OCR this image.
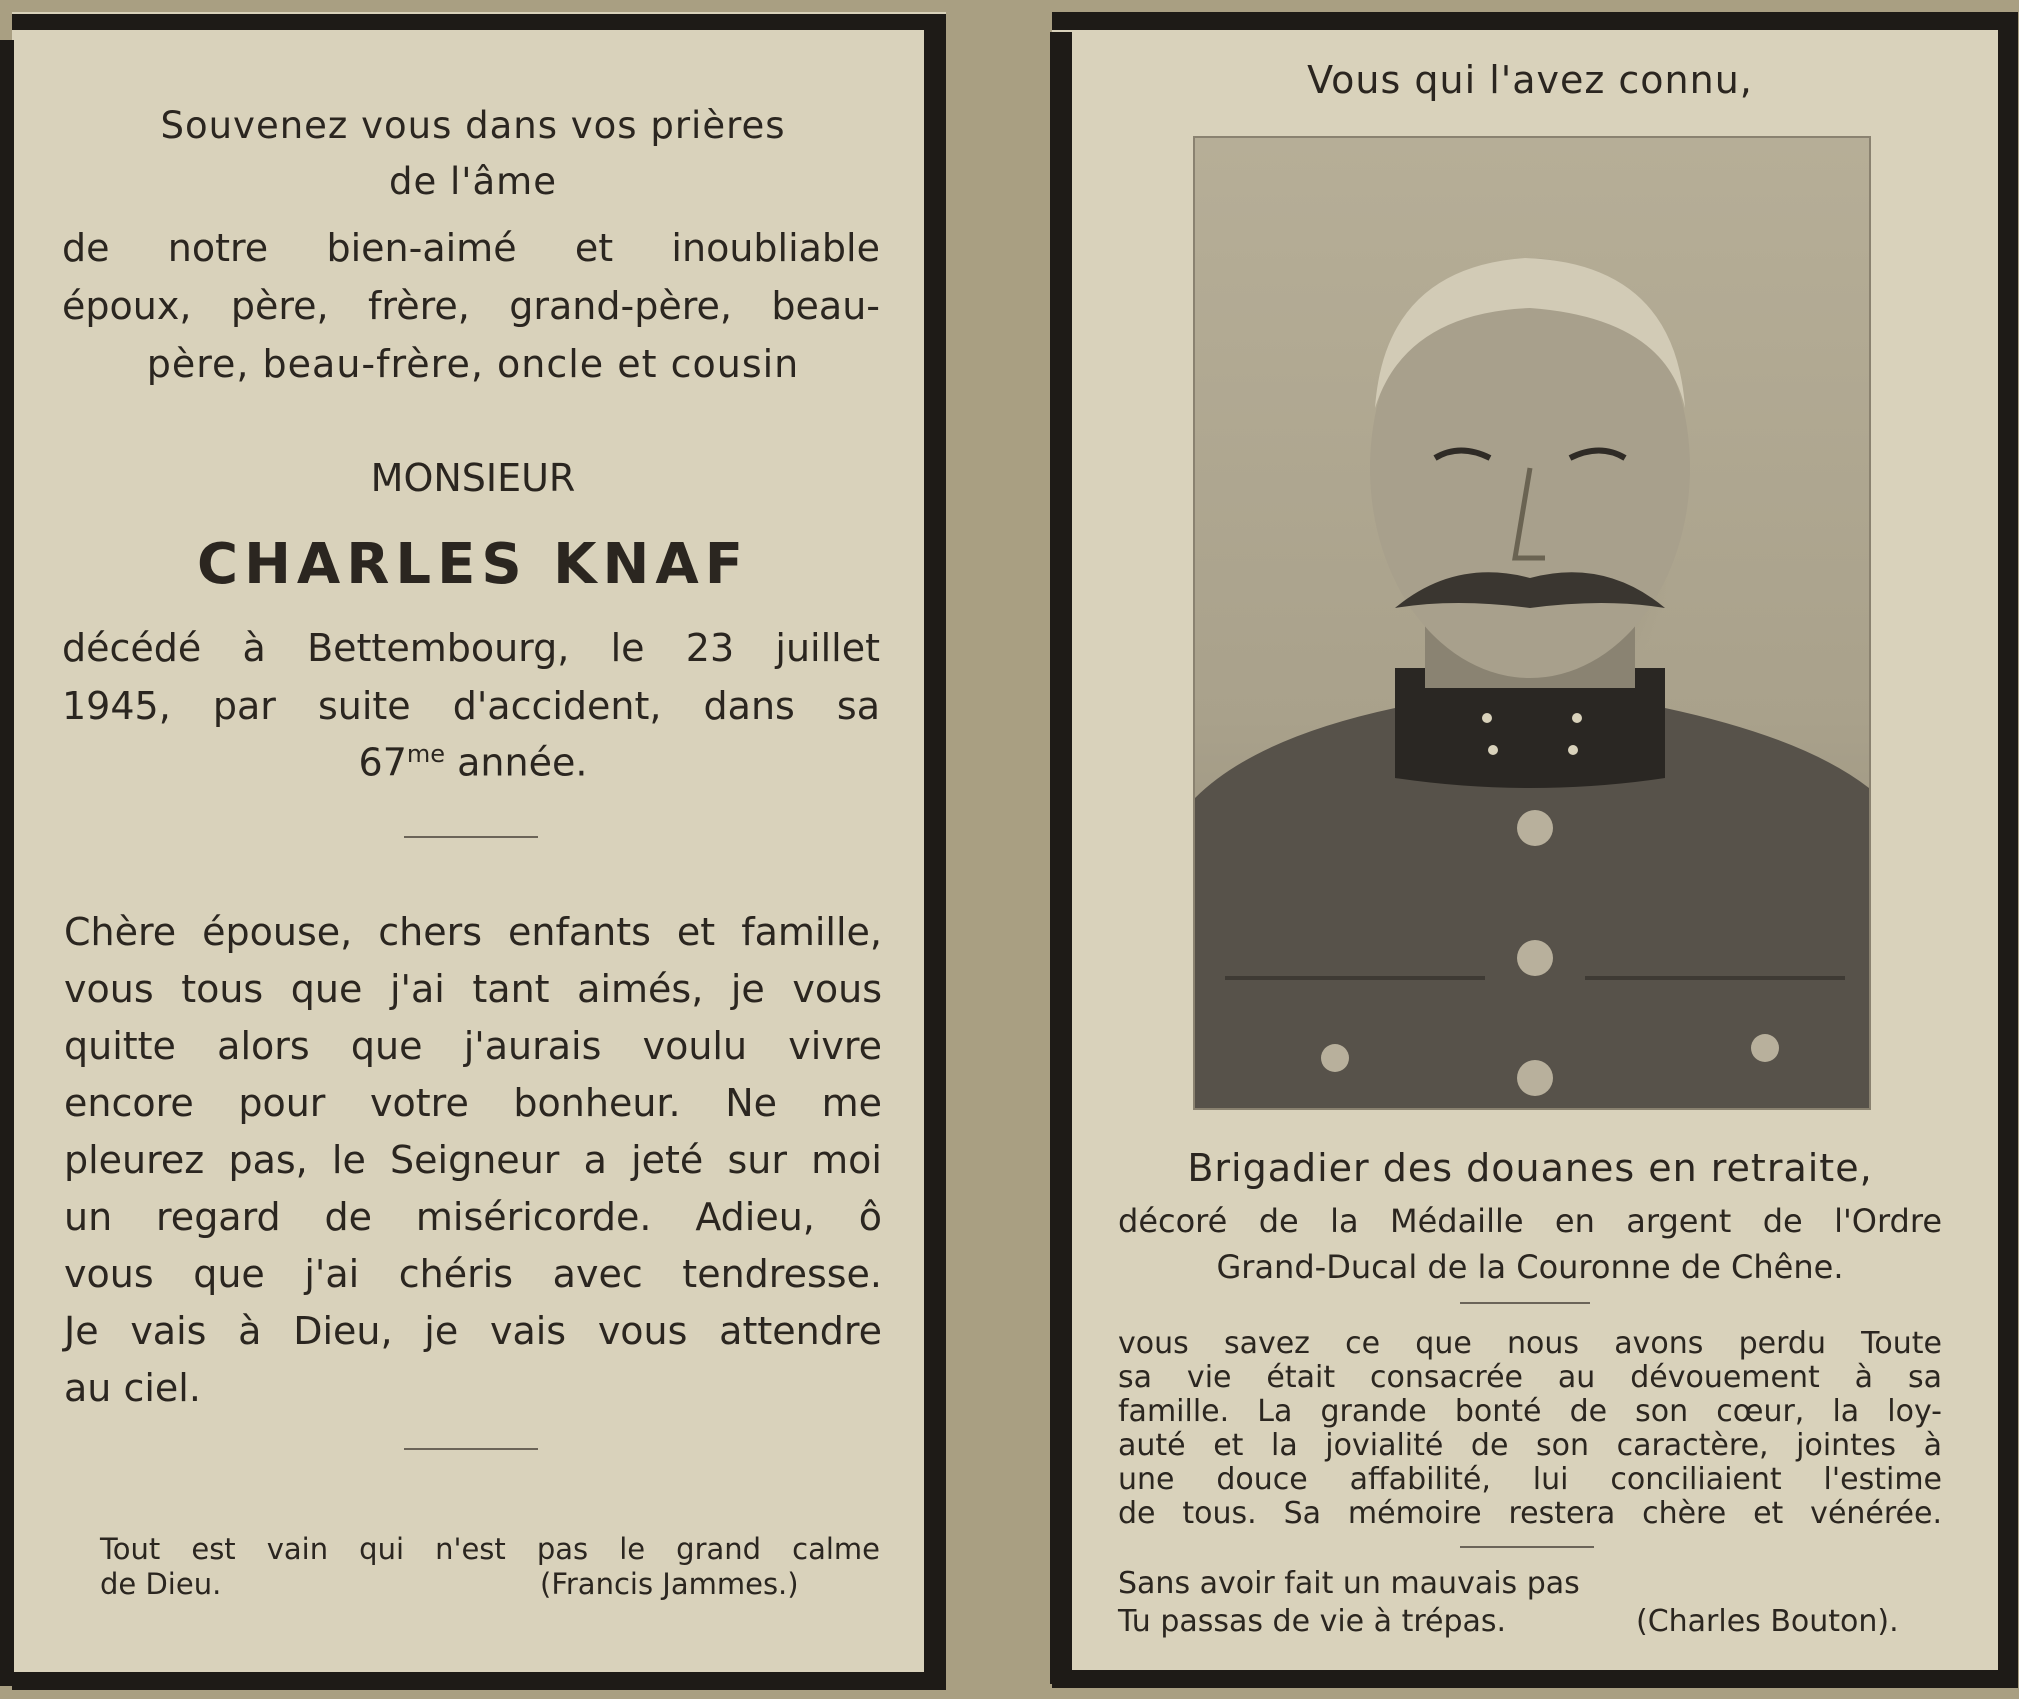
Souvenez vous dans vos prières
de l'âme
de notre bien-aimé et inoubliable
époux, père, frère, grand-père, beau-
père, beau-frère, oncle et cousin
MONSIEUR
CHARLES KNAF
décédé à Bettembourg, le 23 juillet
1945, par suite d'accident, dans sa
$67^{me}$ année.
Chère épouse, chers enfants et famille,
vous tous que j'ai tant aimés, je vous
quitte alors que j'aurais voulu vivre
encore pour votre bonheur. Ne me
pleurez pas, le Seigneur a jeté sur moi
un regard de miséricorde. Adieu, ô
vous que j'ai chéris avec tendresse.
Je vais à Dieu, je vais vous attendre
au ciel.
Tout est vain qui n'est pas le grand calme
de Dieu.	(Francis Jammes.)
Vous qui l'avez connu,
Brigadier des douanes en retraite,
décoré de la Médaille en argent de l'Ordre
Grand-Ducal de la Couronne de Chêne.
vous savez ce que nous avons perdu Toute
sa vie était consacrée au dévouement à sa
famille. La grande bonté de son cœur, la loy-
auté et la jovialité de son caractère, jointes à
une douce affabilité, lui conciliaient l'estime
de tous. Sa mémoire restera chère et vénérée.
Sans avoir fait un mauvais pas
Tu passas de vie à trépas.	(Charles Bouton).
